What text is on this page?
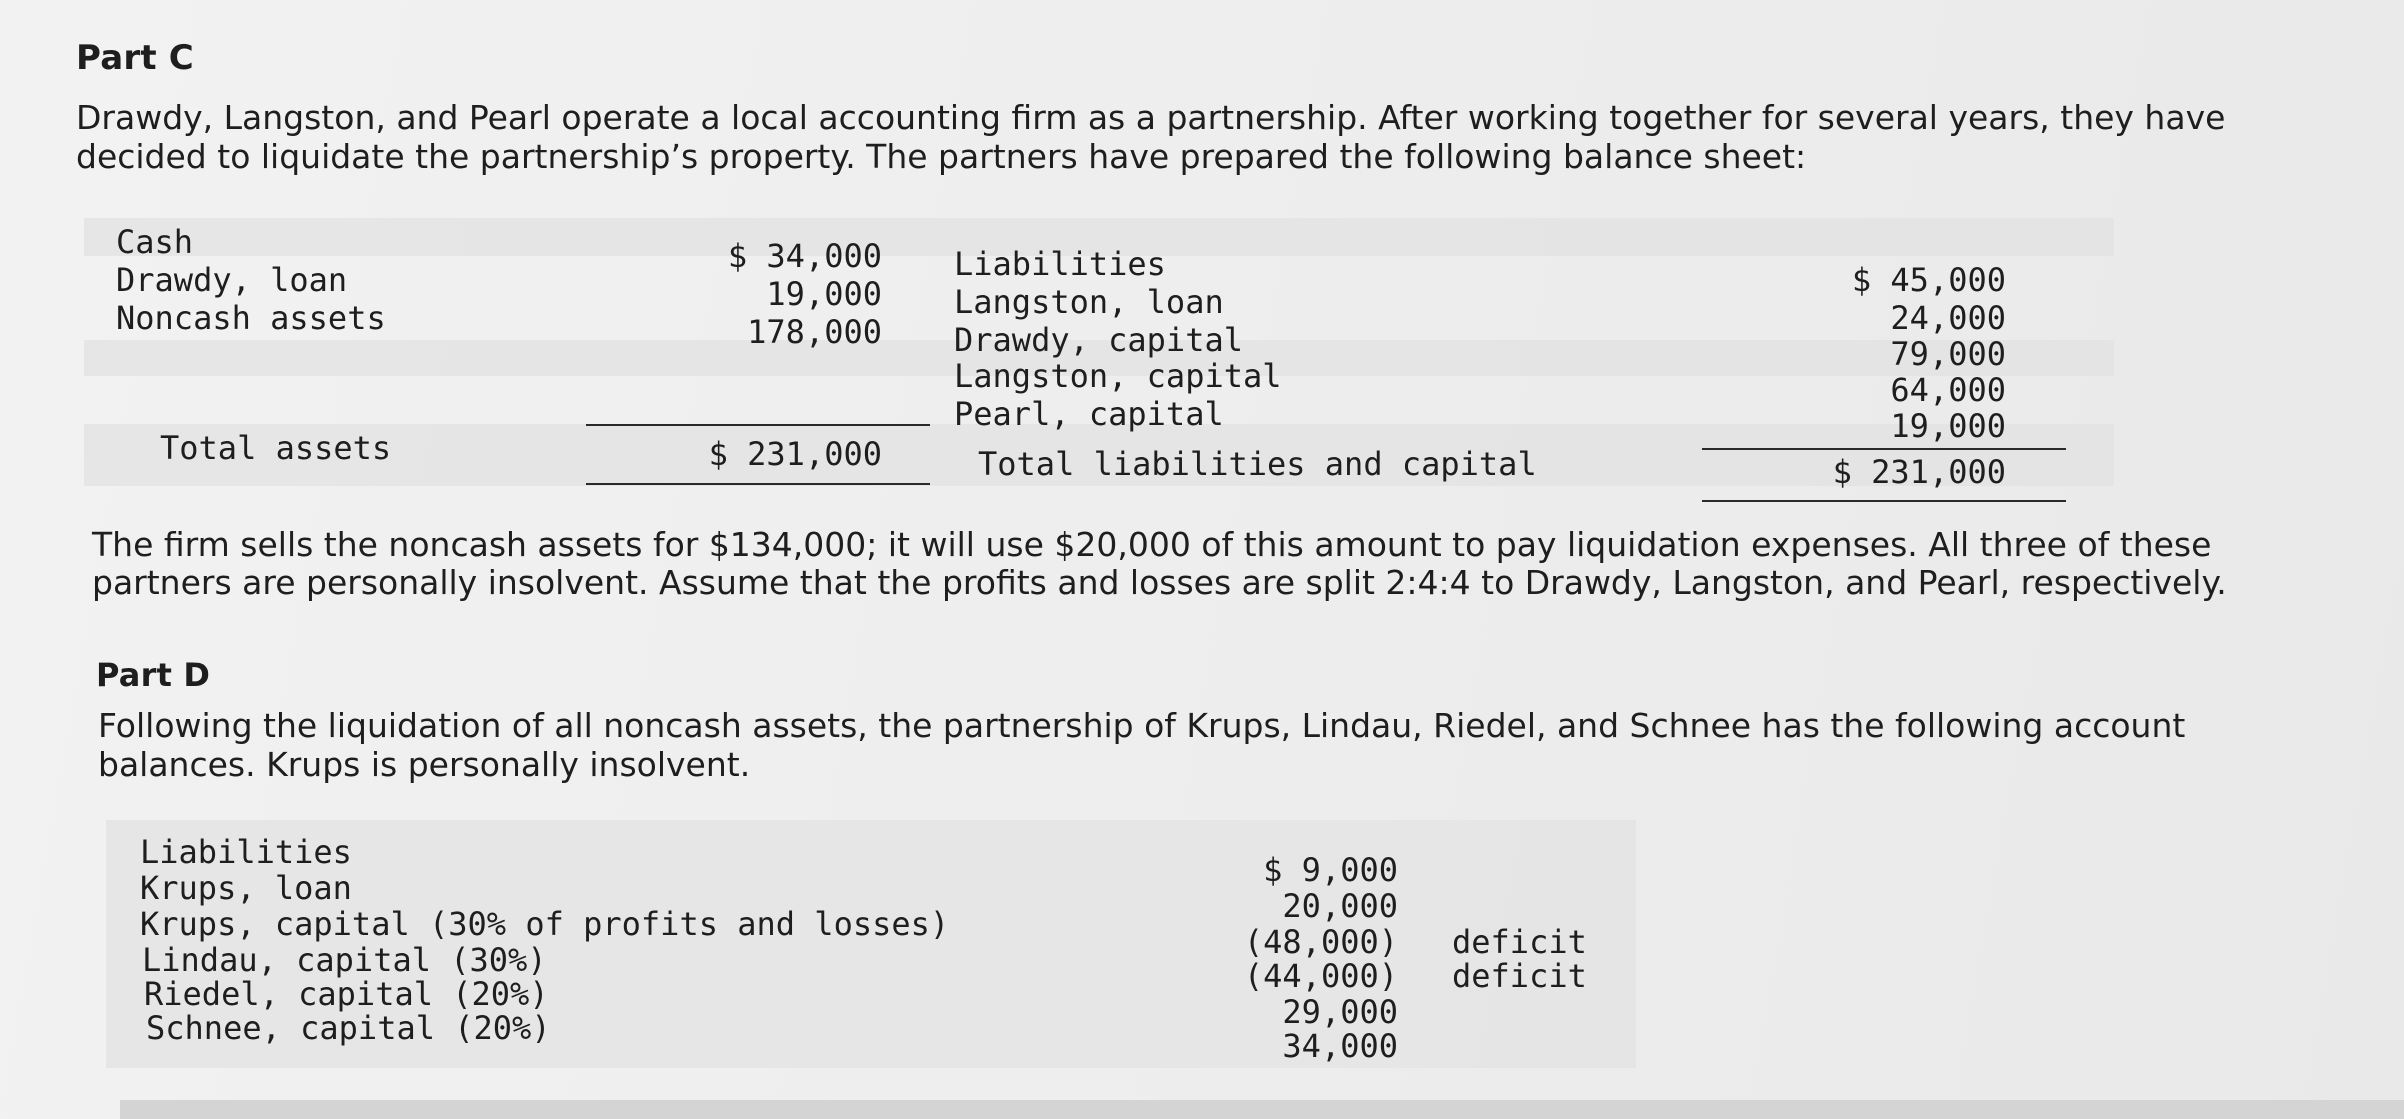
Part C
Drawdy, Langston, and Pearl operate a local accounting firm as a partnership. After working together for several years, they have
decided to liquidate the partnership’s property. The partners have prepared the following balance sheet:
Cash
Drawdy, loan
Noncash assets
Total assets
$ 34,000
19,000
178,000
$ 231,000
Liabilities
Langston, loan
Drawdy, capital
Langston, capital
Pearl, capital
Total liabilities and capital
$ 45,000
24,000
79,000
64,000
19,000
$ 231,000
The firm sells the noncash assets for $134,000; it will use $20,000 of this amount to pay liquidation expenses. All three of these
partners are personally insolvent. Assume that the profits and losses are split 2:4:4 to Drawdy, Langston, and Pearl, respectively.
Part D
Following the liquidation of all noncash assets, the partnership of Krups, Lindau, Riedel, and Schnee has the following account
balances. Krups is personally insolvent.
Liabilities
Krups, loan
Krups, capital (30% of profits and losses)
Lindau, capital (30%)
Riedel, capital (20%)
Schnee, capital (20%)
$ 9,000
20,000
(48,000)
(44,000)
29,000
34,000
deficit
deficit
